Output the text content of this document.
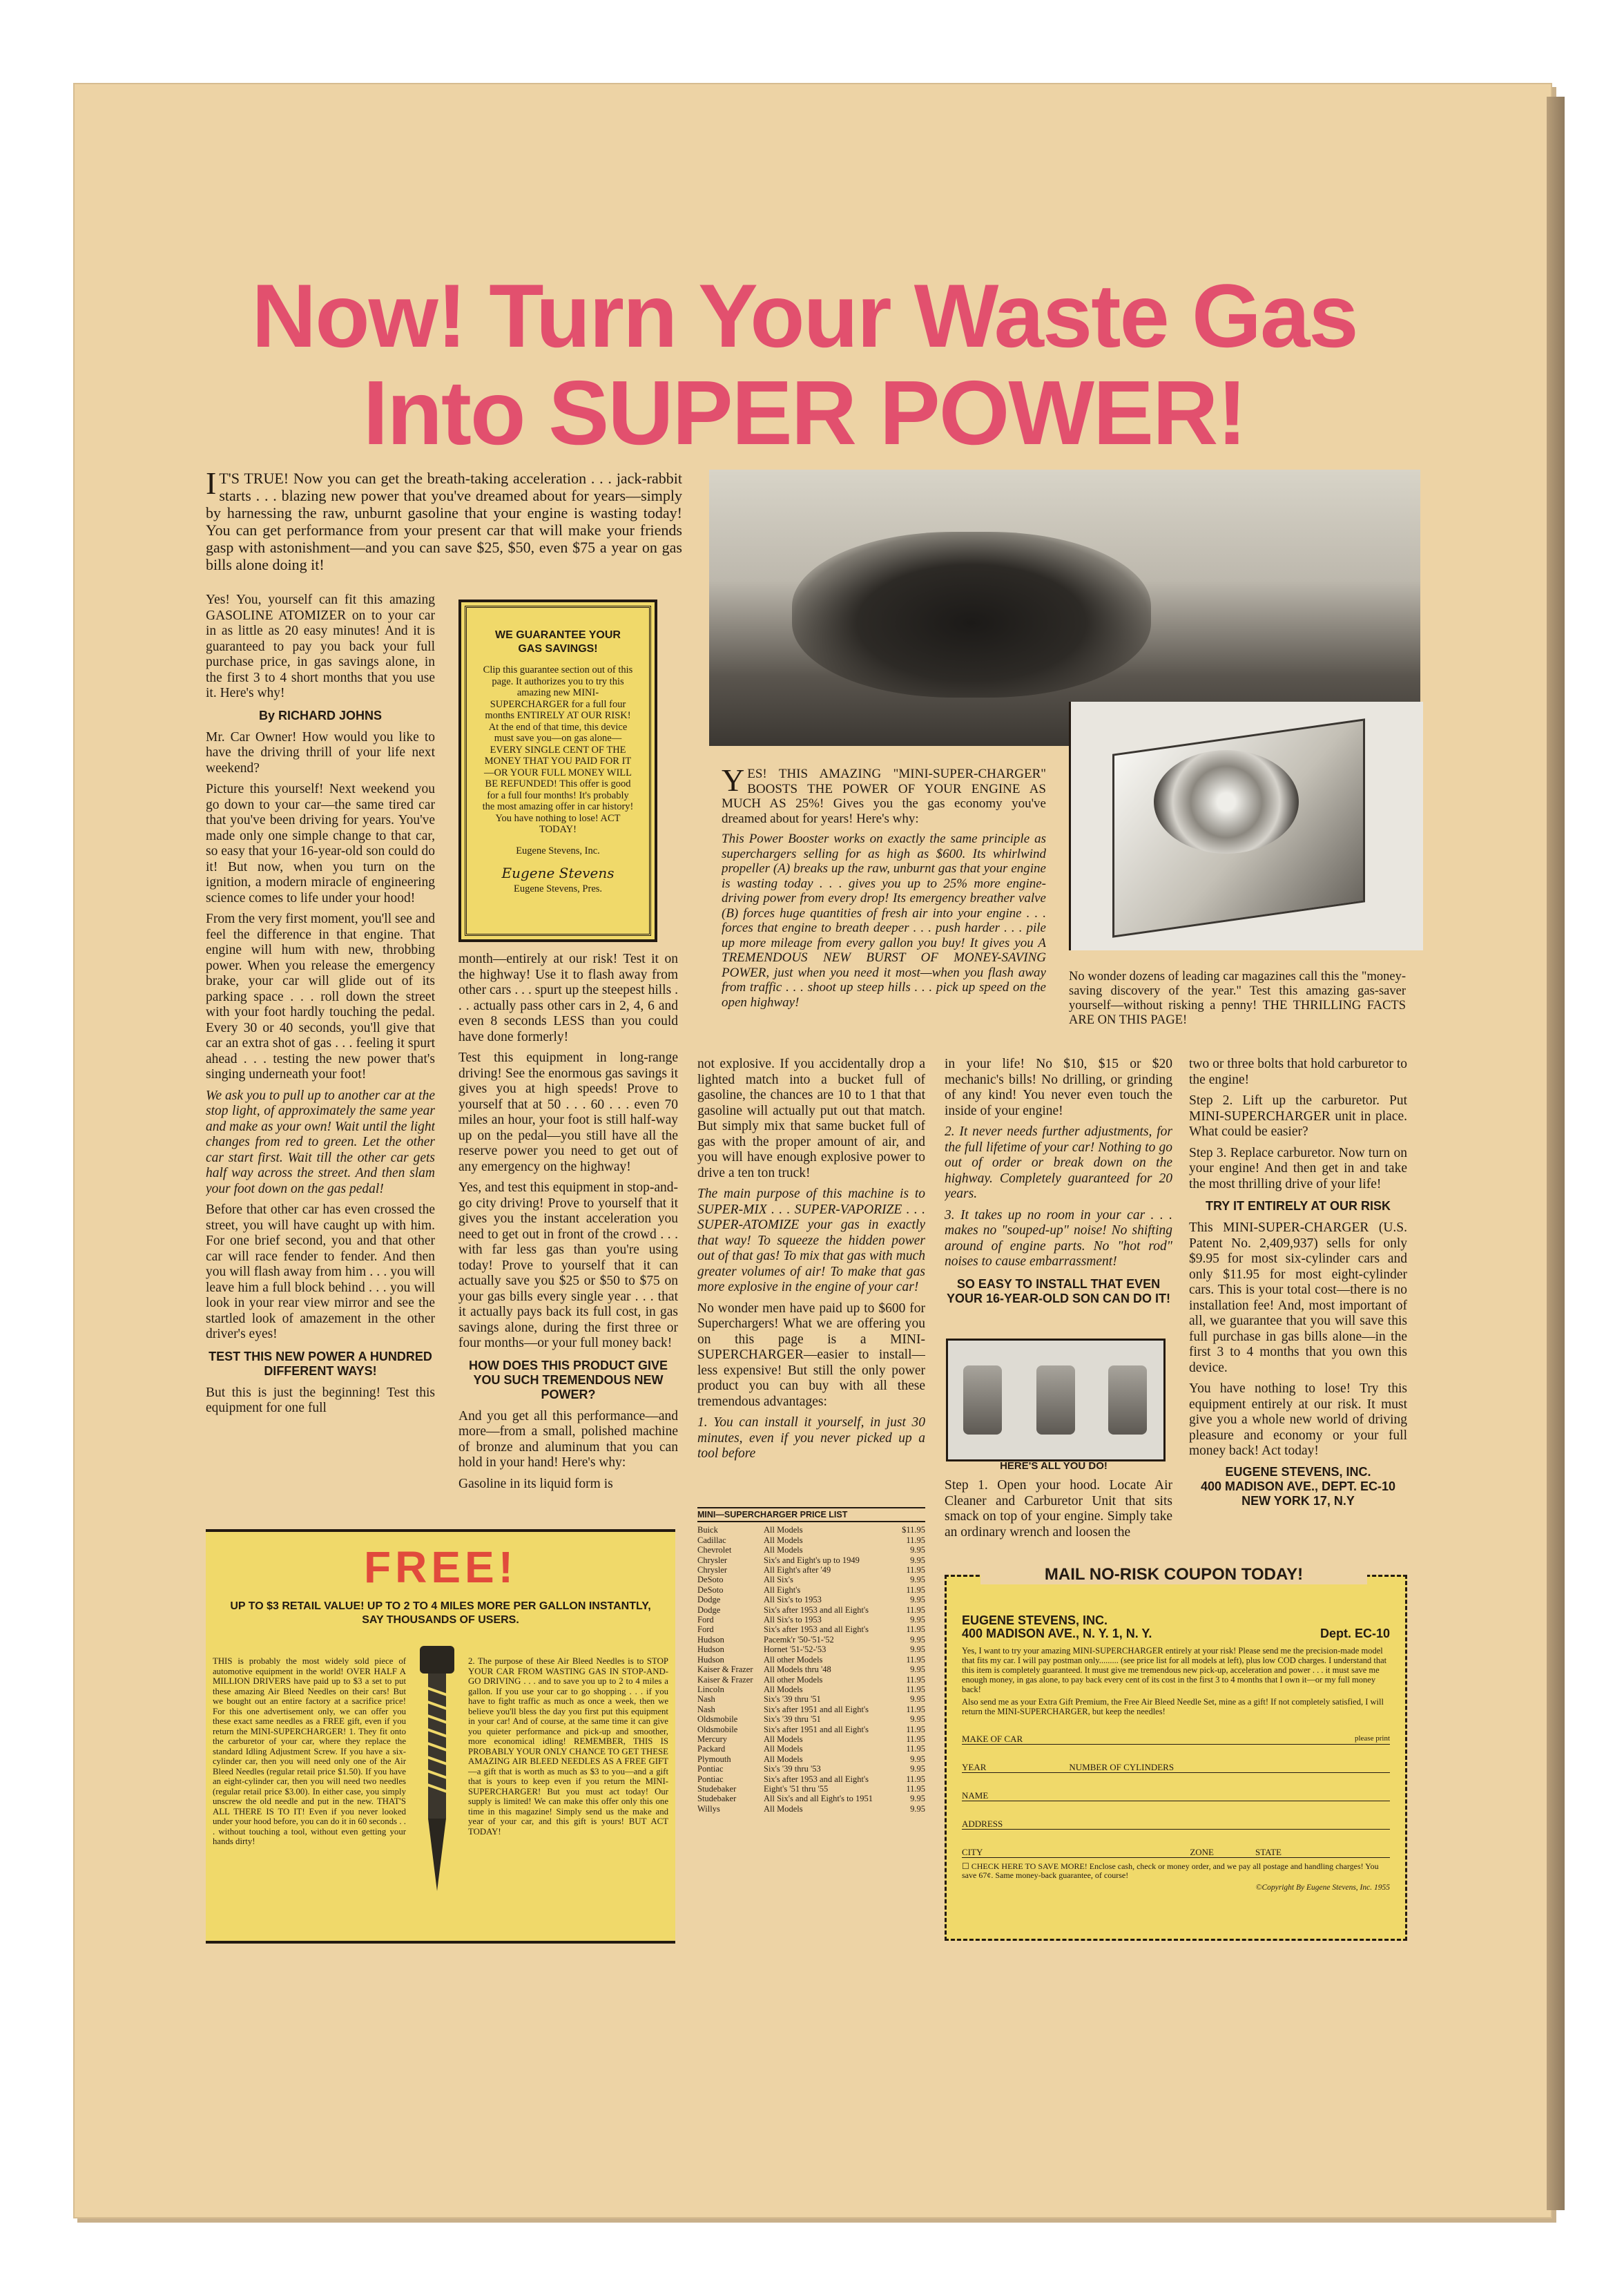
Now! Turn Your Waste Gas
Into SUPER POWER!

I T'S TRUE! Now you can get the breath-taking acceleration . . . jack-rabbit starts . . . blazing new power that you've dreamed about for years—simply by harnessing the raw, unburnt gasoline that your engine is wasting today! You can get performance from your present car that will make your friends gasp with astonishment—and you can save $25, $50, even $75 a year on gas bills alone doing it!

Yes! You, yourself can fit this amazing GASOLINE ATOMIZER on to your car in as little as 20 easy minutes! And it is guaranteed to pay you back your full purchase price, in gas savings alone, in the first 3 to 4 short months that you use it. Here's why!

By RICHARD JOHNS

Mr. Car Owner! How would you like to have the driving thrill of your life next weekend?

Picture this yourself! Next weekend you go down to your car—the same tired car that you've been driving for years. You've made only one simple change to that car, so easy that your 16-year-old son could do it! But now, when you turn on the ignition, a modern miracle of engineering science comes to life under your hood!

From the very first moment, you'll see and feel the difference in that engine. That engine will hum with new, throbbing power. When you release the emergency brake, your car will glide out of its parking space . . . roll down the street with your foot hardly touching the pedal. Every 30 or 40 seconds, you'll give that car an extra shot of gas . . . feeling it spurt ahead . . . testing the new power that's singing underneath your foot!

We ask you to pull up to another car at the stop light, of approximately the same year and make as your own! Wait until the light changes from red to green. Let the other car start first. Wait till the other car gets half way across the street. And then slam your foot down on the gas pedal!

Before that other car has even crossed the street, you will have caught up with him. For one brief second, you and that other car will race fender to fender. And then you will flash away from him . . . you will leave him a full block behind . . . you will look in your rear view mirror and see the startled look of amazement in the other driver's eyes!

TEST THIS NEW POWER A HUNDRED DIFFERENT WAYS!

But this is just the beginning! Test this equipment for one full

WE GUARANTEE YOUR GAS SAVINGS!
Clip this guarantee section out of this page. It authorizes you to try this amazing new MINI-SUPERCHARGER for a full four months ENTIRELY AT OUR RISK! At the end of that time, this device must save you—on gas alone—EVERY SINGLE CENT OF THE MONEY THAT YOU PAID FOR IT—OR YOUR FULL MONEY WILL BE REFUNDED! This offer is good for a full four months! It's probably the most amazing offer in car history! You have nothing to lose! ACT TODAY!
Eugene Stevens, Inc.
Eugene Stevens
Eugene Stevens, Pres.

month—entirely at our risk! Test it on the highway! Use it to flash away from other cars . . . spurt up the steepest hills . . . actually pass other cars in 2, 4, 6 and even 8 seconds LESS than you could have done formerly!

Test this equipment in long-range driving! See the enormous gas savings it gives you at high speeds! Prove to yourself that at 50 . . . 60 . . . even 70 miles an hour, your foot is still half-way up on the pedal—you still have all the reserve power you need to get out of any emergency on the highway!

Yes, and test this equipment in stop-and-go city driving! Prove to yourself that it gives you the instant acceleration you need to get out in front of the crowd . . . with far less gas than you're using today! Prove to yourself that it can actually save you $25 or $50 to $75 on your gas bills every single year . . . that it actually pays back its full cost, in gas savings alone, during the first three or four months—or your full money back!

HOW DOES THIS PRODUCT GIVE YOU SUCH TREMENDOUS NEW POWER?

And you get all this performance—and more—from a small, polished machine of bronze and aluminum that you can hold in your hand! Here's why:

Gasoline in its liquid form is

YES! THIS AMAZING "MINI-SUPER-CHARGER" BOOSTS THE POWER OF YOUR ENGINE AS MUCH AS 25%! Gives you the gas economy you've dreamed about for years! Here's why:

This Power Booster works on exactly the same principle as superchargers selling for as high as $600. Its whirlwind propeller (A) breaks up the raw, unburnt gas that your engine is wasting today . . . gives you up to 25% more engine-driving power from every drop! Its emergency breather valve (B) forces huge quantities of fresh air into your engine . . . forces that engine to breath deeper . . . push harder . . . pile up more mileage from every gallon you buy! It gives you A TREMENDOUS NEW BURST OF MONEY-SAVING POWER, just when you need it most—when you flash away from traffic . . . shoot up steep hills . . . pick up speed on the open highway!

No wonder dozens of leading car magazines call this the "money-saving discovery of the year." Test this amazing gas-saver yourself—without risking a penny! THE THRILLING FACTS ARE ON THIS PAGE!

not explosive. If you accidentally drop a lighted match into a bucket full of gasoline, the chances are 10 to 1 that that gasoline will actually put out that match. But simply mix that same bucket full of gas with the proper amount of air, and you will have enough explosive power to drive a ten ton truck!

The main purpose of this machine is to SUPER-MIX . . . SUPER-VAPORIZE . . . SUPER-ATOMIZE your gas in exactly that way! To squeeze the hidden power out of that gas! To mix that gas with much greater volumes of air! To make that gas more explosive in the engine of your car!

No wonder men have paid up to $600 for Superchargers! What we are offering you on this page is a MINI-SUPERCHARGER—easier to install—less expensive! But still the only power product you can buy with all these tremendous advantages:

1. You can install it yourself, in just 30 minutes, even if you never picked up a tool before

in your life! No $10, $15 or $20 mechanic's bills! No drilling, or grinding of any kind! You never even touch the inside of your engine!

2. It never needs further adjustments, for the full lifetime of your car! Nothing to go out of order or break down on the highway. Completely guaranteed for 20 years.

3. It takes up no room in your car . . . makes no "souped-up" noise! No shifting around of engine parts. No "hot rod" noises to cause embarrassment!

SO EASY TO INSTALL THAT EVEN YOUR 16-YEAR-OLD SON CAN DO IT!

HERE'S ALL YOU DO!

Step 1. Open your hood. Locate Air Cleaner and Carburetor Unit that sits smack on top of your engine. Simply take an ordinary wrench and loosen the

two or three bolts that hold carburetor to the engine!

Step 2. Lift up the carburetor. Put MINI-SUPERCHARGER unit in place. What could be easier?

Step 3. Replace carburetor. Now turn on your engine! And then get in and take the most thrilling drive of your life!

TRY IT ENTIRELY AT OUR RISK

This MINI-SUPER-CHARGER (U.S. Patent No. 2,409,937) sells for only $9.95 for most six-cylinder cars and only $11.95 for most eight-cylinder cars. This is your total cost—there is no installation fee! And, most important of all, we guarantee that you will save this full purchase in gas bills alone—in the first 3 to 4 months that you own this device.

You have nothing to lose! Try this equipment entirely at our risk. It must give you a whole new world of driving pleasure and economy or your full money back! Act today!

EUGENE STEVENS, INC.

400 MADISON AVE., DEPT. EC-10

NEW YORK 17, N.Y

FREE!
UP TO $3 RETAIL VALUE! UP TO 2 TO 4 MILES MORE PER GALLON INSTANTLY, SAY THOUSANDS OF USERS.
THIS is probably the most widely sold piece of automotive equipment in the world! OVER HALF A MILLION DRIVERS have paid up to $3 a set to put these amazing Air Bleed Needles on their cars! But we bought out an entire factory at a sacrifice price! For this one advertisement only, we can offer you these exact same needles as a FREE gift, even if you return the MINI-SUPERCHARGER! 1. They fit onto the carburetor of your car, where they replace the standard Idling Adjustment Screw. If you have a six-cylinder car, then you will need only one of the Air Bleed Needles (regular retail price $1.50). If you have an eight-cylinder car, then you will need two needles (regular retail price $3.00). In either case, you simply unscrew the old needle and put in the new. THAT'S ALL THERE IS TO IT! Even if you never looked under your hood before, you can do it in 60 seconds . . . without touching a tool, without even getting your hands dirty!
2. The purpose of these Air Bleed Needles is to STOP YOUR CAR FROM WASTING GAS IN STOP-AND-GO DRIVING . . . and to save you up to 2 to 4 miles a gallon. If you use your car to go shopping . . . if you have to fight traffic as much as once a week, then we believe you'll bless the day you first put this equipment in your car! And of course, at the same time it can give you quieter performance and pick-up and smoother, more economical idling! REMEMBER, THIS IS PROBABLY YOUR ONLY CHANCE TO GET THESE AMAZING AIR BLEED NEEDLES AS A FREE GIFT—a gift that is worth as much as $3 to you—and a gift that is yours to keep even if you return the MINI-SUPERCHARGER! But you must act today! Our supply is limited! We can make this offer only this one time in this magazine! Simply send us the make and year of your car, and this gift is yours! BUT ACT TODAY!
MINI—SUPERCHARGER PRICE LIST
Buick	All Models	$11.95
Cadillac	All Models	11.95
Chevrolet	All Models	9.95
Chrysler	Six's and Eight's up to 1949	9.95
Chrysler	All Eight's after '49	11.95
DeSoto	All Six's	9.95
DeSoto	All Eight's	11.95
Dodge	All Six's to 1953	9.95
Dodge	Six's after 1953 and all Eight's	11.95
Ford	All Six's to 1953	9.95
Ford	Six's after 1953 and all Eight's	11.95
Hudson	Pacemk'r '50-'51-'52	9.95
Hudson	Hornet '51-'52-'53	9.95
Hudson	All other Models	11.95
Kaiser & Frazer	All Models thru '48	9.95
Kaiser & Frazer	All other Models	11.95
Lincoln	All Models	11.95
Nash	Six's '39 thru '51	9.95
Nash	Six's after 1951 and all Eight's	11.95
Oldsmobile	Six's '39 thru '51	9.95
Oldsmobile	Six's after 1951 and all Eight's	11.95
Mercury	All Models	11.95
Packard	All Models	11.95
Plymouth	All Models	9.95
Pontiac	Six's '39 thru '53	9.95
Pontiac	Six's after 1953 and all Eight's	11.95
Studebaker	Eight's '51 thru '55	11.95
Studebaker	All Six's and all Eight's to 1951	9.95
Willys	All Models	9.95
EUGENE STEVENS, INC.
400 MADISON AVE., N. Y. 1, N. Y.	Dept. EC-10
Yes, I want to try your amazing MINI-SUPERCHARGER entirely at your risk! Please send me the precision-made model that fits my car. I will pay postman only......... (see price list for all models at left), plus low COD charges. I understand that this item is completely guaranteed. It must give me tremendous new pick-up, acceleration and power . . . it must save me enough money, in gas alone, to pay back every cent of its cost in the first 3 to 4 months that I own it—or my full money back!
Also send me as your Extra Gift Premium, the Free Air Bleed Needle Set, mine as a gift! If not completely satisfied, I will return the MINI-SUPERCHARGER, but keep the needles!
MAKE OF CAR	please print
YEAR	NUMBER OF CYLINDERS
NAME
ADDRESS
CITY	ZONE	STATE
☐ CHECK HERE TO SAVE MORE! Enclose cash, check or money order, and we pay all postage and handling charges! You save 67¢. Same money-back guarantee, of course!
©Copyright By Eugene Stevens, Inc. 1955
MAIL NO-RISK COUPON TODAY!
